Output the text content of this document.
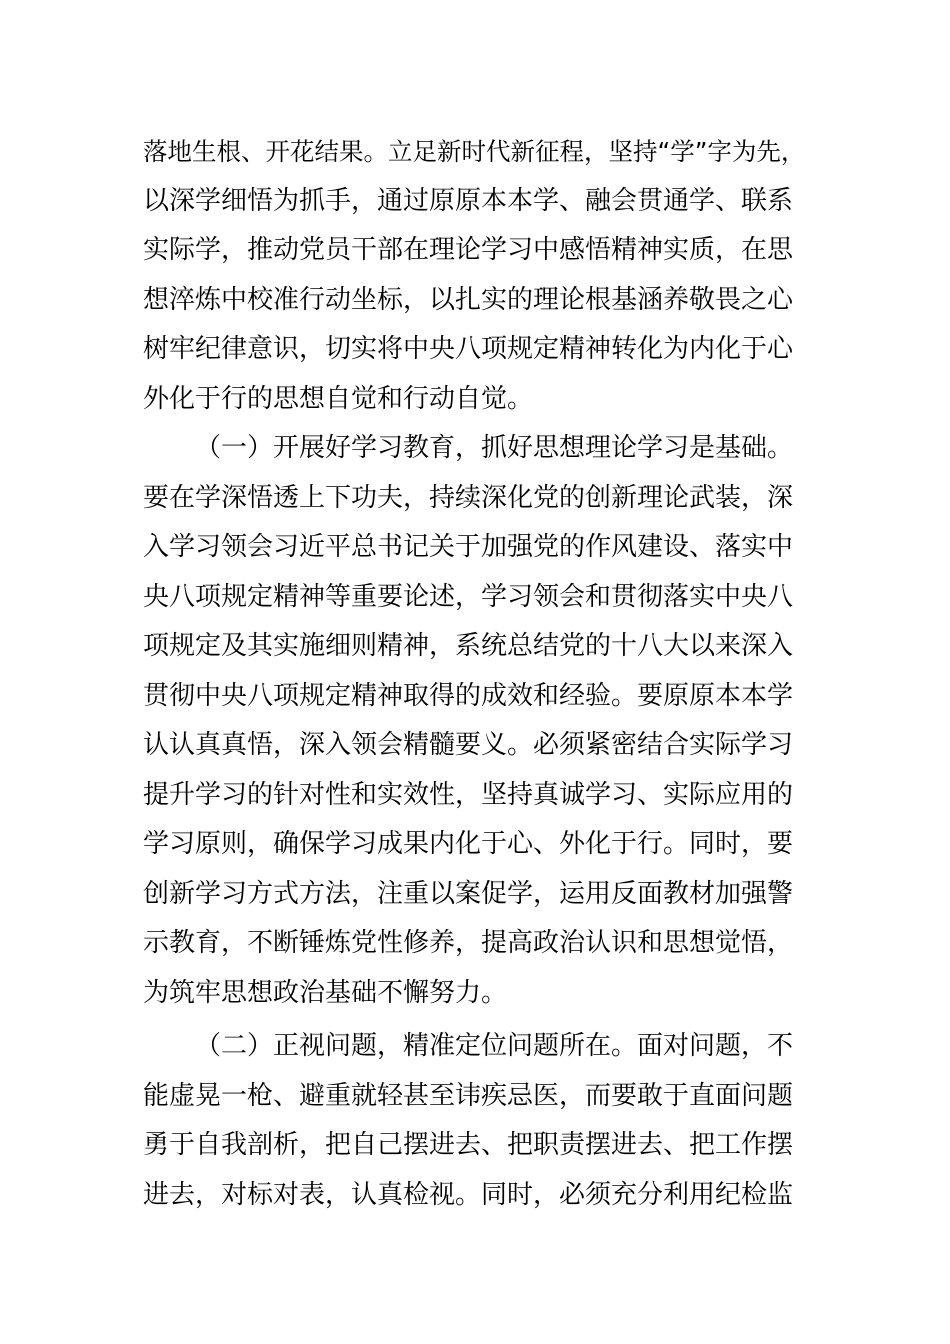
落地生根、开花结果。立足新时代新征程，坚持“学”字为先，
以深学细悟为抓手，通过原原本本学、融会贯通学、联系
实际学，推动党员干部在理论学习中感悟精神实质，在思
想淬炼中校准行动坐标，以扎实的理论根基涵养敬畏之心
树牢纪律意识，切实将中央八项规定精神转化为内化于心
外化于行的思想自觉和行动自觉。
（一）开展好学习教育，抓好思想理论学习是基础。
要在学深悟透上下功夫，持续深化党的创新理论武装，深
入学习领会习近平总书记关于加强党的作风建设、落实中
央八项规定精神等重要论述，学习领会和贯彻落实中央八
项规定及其实施细则精神，系统总结党的十八大以来深入
贯彻中央八项规定精神取得的成效和经验。要原原本本学
认认真真悟，深入领会精髓要义。必须紧密结合实际学习
提升学习的针对性和实效性，坚持真诚学习、实际应用的
学习原则，确保学习成果内化于心、外化于行。同时，要
创新学习方式方法，注重以案促学，运用反面教材加强警
示教育，不断锤炼党性修养，提高政治认识和思想觉悟，
为筑牢思想政治基础不懈努力。
（二）正视问题，精准定位问题所在。面对问题，不
能虚晃一枪、避重就轻甚至讳疾忌医，而要敢于直面问题
勇于自我剖析，把自己摆进去、把职责摆进去、把工作摆
进去，对标对表，认真检视。同时，必须充分利用纪检监
